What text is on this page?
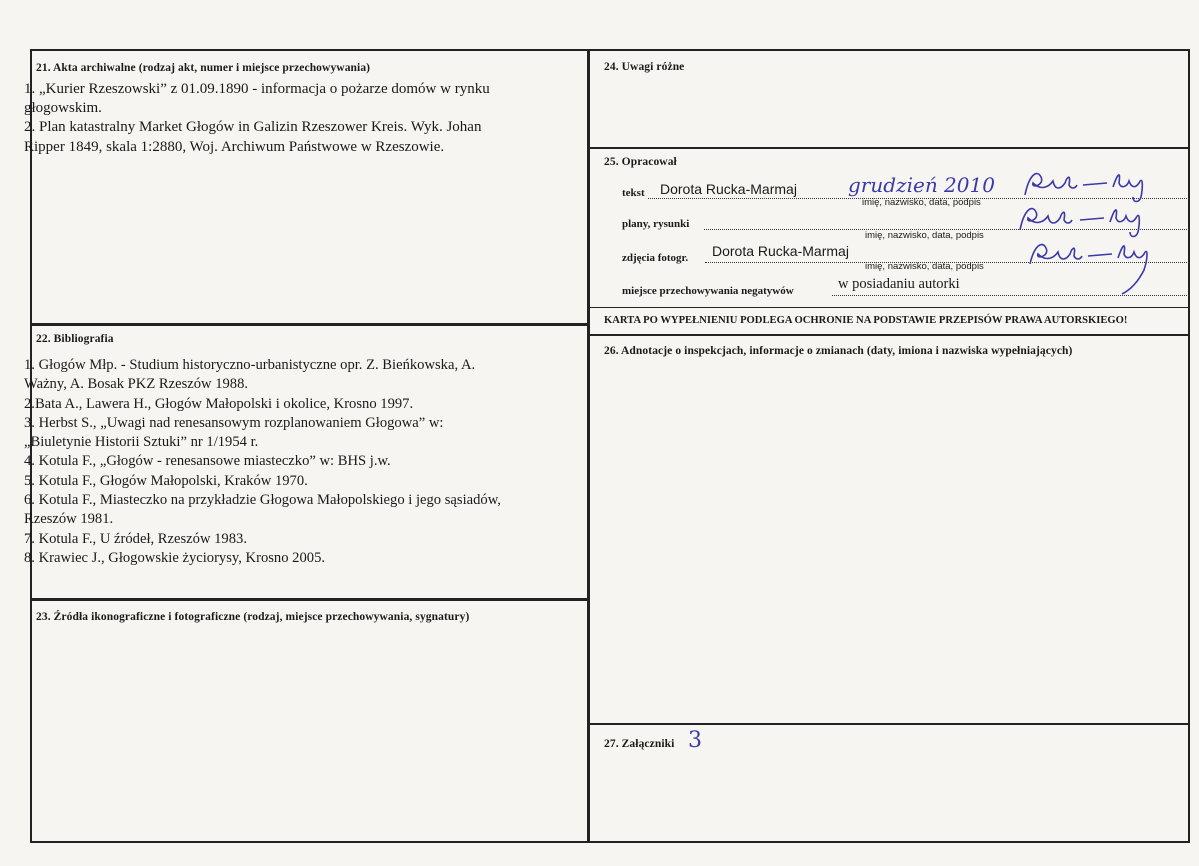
21. Akta archiwalne (rodzaj akt, numer i miejsce przechowywania)
1. „Kurier Rzeszowski” z 01.09.1890 - informacja o pożarze domów w rynku
głogowskim.
2. Plan katastralny Market Głogów in Galizin Rzeszower Kreis. Wyk. Johan
Ripper 1849, skala 1:2880, Woj. Archiwum Państwowe w Rzeszowie.
22. Bibliografia
1. Głogów Młp. - Studium historyczno-urbanistyczne opr. Z. Bieńkowska, A.
Ważny, A. Bosak PKZ Rzeszów 1988.
2.Bata A., Lawera H., Głogów Małopolski i okolice, Krosno 1997.
3. Herbst S., „Uwagi nad renesansowym rozplanowaniem Głogowa” w:
„Biuletynie Historii Sztuki” nr 1/1954 r.
4. Kotula F., „Głogów - renesansowe miasteczko” w: BHS j.w.
5. Kotula F., Głogów Małopolski, Kraków 1970.
6. Kotula F., Miasteczko na przykładzie Głogowa Małopolskiego i jego sąsiadów,
Rzeszów 1981.
7. Kotula F., U źródeł, Rzeszów 1983.
8. Krawiec J., Głogowskie życiorysy, Krosno 2005.
23. Źródła ikonograficzne i fotograficzne (rodzaj, miejsce przechowywania, sygnatury)
24. Uwagi różne
25. Opracował
tekst Dorota Rucka-Marmaj	grudzień 2010
imię, nazwisko, data, podpis
plany, rysunki
imię, nazwisko, data, podpis
zdjęcia fotogr. Dorota Rucka-Marmaj
imię, nazwisko, data, podpis
miejsce przechowywania negatywów	w posiadaniu autorki
KARTA PO WYPEŁNIENIU PODLEGA OCHRONIE NA PODSTAWIE PRZEPISÓW PRAWA AUTORSKIEGO!
26. Adnotacje o inspekcjach, informacje o zmianach (daty, imiona i nazwiska wypełniających)
27. Załączniki 3
